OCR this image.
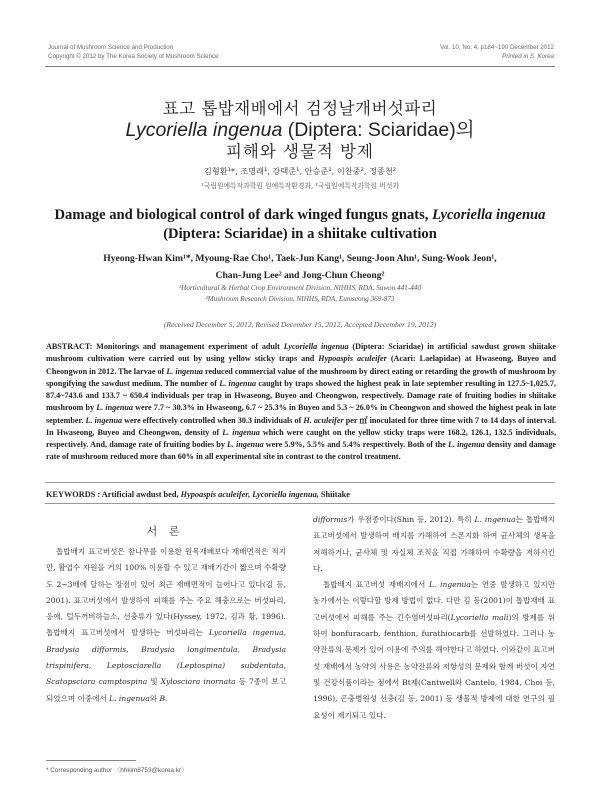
Journal of Mushroom Science and Production
Copyright © 2012 by The Korea Society of Mushroom Science
Vol. 10, No. 4, p184~190 December 2012
Printed in S. Korea
표고 톱밥재배에서 검정날개버섯파리
Lycoriella ingenua (Diptera: Sciaridae)의
피해와 생물적 방제
김형환¹*, 조명래¹, 강택준¹, 안승준¹, 이찬중², 정종천²
¹국립원예특작과학원 원예특작환경과, ²국립원예특작과학원 버섯과
Damage and biological control of dark winged fungus gnats, Lycoriella ingenua (Diptera: Sciaridae) in a shiitake cultivation
Hyeong-Hwan Kim¹*, Myoung-Rae Cho¹, Taek-Jun Kang¹, Seung-Joon Ahn¹, Sung-Wook Jeon¹,
Chan-Jung Lee² and Jong-Chun Cheong²
¹Horticultural & Herbal Crop Environment Division, NIHHS, RDA, Suwon 441-440
²Mushroom Research Division, NIHHS, RDA, Eumseong 369-873
(Received December 5, 2012, Revised December 15, 2012, Accepted December 19, 2012)
ABSTRACT: Monitorings and management experiment of adult Lycoriella ingenua (Diptera: Sciaridae) in artificial sawdust grown shiitake mushroom cultivation were carried out by using yellow sticky traps and Hypoaspis aculeifer (Acari: Laelapidae) at Hwaseong, Buyeo and Cheongwon in 2012. The larvae of L. ingenua reduced commercial value of the mushroom by direct eating or retarding the growth of mushroom by spongifying the sawdust medium. The number of L. ingenua caught by traps showed the highest peak in late september resulting in 127.5~1,025.7, 87.4~743.6 and 133.7 ~ 650.4 individuals per trap in Hwaseong, Buyeo and Cheongwon, respectively. Damage rate of fruiting bodies in shiitake mushroom by L. ingenua were 7.7 ~ 30.3% in Hwaseong, 6.7 ~ 25.3% in Buyeo and 5.3 ~ 26.0% in Cheongwon and showed the highest peak in late september. L. ingenua were effectively controlled when 30.3 individuals of H. aculeifer per ㎡ inoculated for three time with 7 to 14 days of interval. In Hwaseong, Buyeo and Cheongwon, density of L. ingenua which were caught on the yellow sticky traps were 168.2, 126.1, 132.5 individuals, respectively. And, damage rate of fruiting bodies by L. ingenua were 5.9%, 5.5% and 5.4% respectively. Both of the L. ingenua density and damage rate of mushroom reduced more than 60% in all experimental site in contrast to the control treatment.
KEYWORDS : Artificial awdust bed, Hypoaspis aculeifer, Lycoriella ingenua, Shiitake
서 론
톱밥배지 표고버섯은 참나무를 이용한 원목재배보다 재배면적은 적지만, 활엽수 자원을 거의 100% 이용할 수 있고 재배기간이 짧으며 수확량도 2~3배에 달하는 장점이 있어 최근 재배면적이 늘어나고 있다(김 등, 2001). 표고버섯에서 발생하여 피해를 주는 주요 해충으로는 버섯파리, 응애, 털두꺼비하늘소, 선충류가 있다(Hyssey, 1972, 김과 황, 1996). 톱밥배지 표고버섯에서 발생하는 버섯파리는 Lycoriella ingenua, Bradysia difformis, Bradysia longimentula, Bradysia trispinifera, Leptosciarella (Leptospina) subdentata, Scatopsciara camptospina 및 Xylosciara inornata 등 7종이 보고되었으며 이중에서 L. ingenua와 B.

difformis가 우점종이다(Shin 등, 2012). 특히 L. ingenua는 톱밥배지 표고버섯에서 발생하여 배지를 가해하여 스폰지화 하여 균사체의 생육을 저해하거나, 균사체 및 자실체 조직을 직접 가해하여 수확량을 저하시킨다.

톱밥배지 표고버섯 재배지에서 L. ingenua는 연중 발생하고 있지만 농가에서는 이렇다할 방제 방법이 없다. 다만 김 등(2001)이 톱밥재배 표고버섯에서 피해를 주는 긴수염버섯파리(Lycoriella mali)의 방제를 위하여 bonfuracarb, fenthion, furathiocarb를 선발하였다. 그러나 농약잔류의 문제가 있어 이용에 주의를 해야한다고 하였다. 이와같이 표고버섯 재배에서 농약의 사용은 농약잔류와 저항성의 문제와 함께 버섯이 자연 및 건강식품이라는 점에서 Bt제(Cantwell와 Cantelo, 1984, Choi 등, 1996), 곤충병원성 선충(김 등, 2001) 등 생물적 방제에 대한 연구의 필요성이 제기되고 있다.

* Corresponding author 〈hhkim8753@korea.kr〉
